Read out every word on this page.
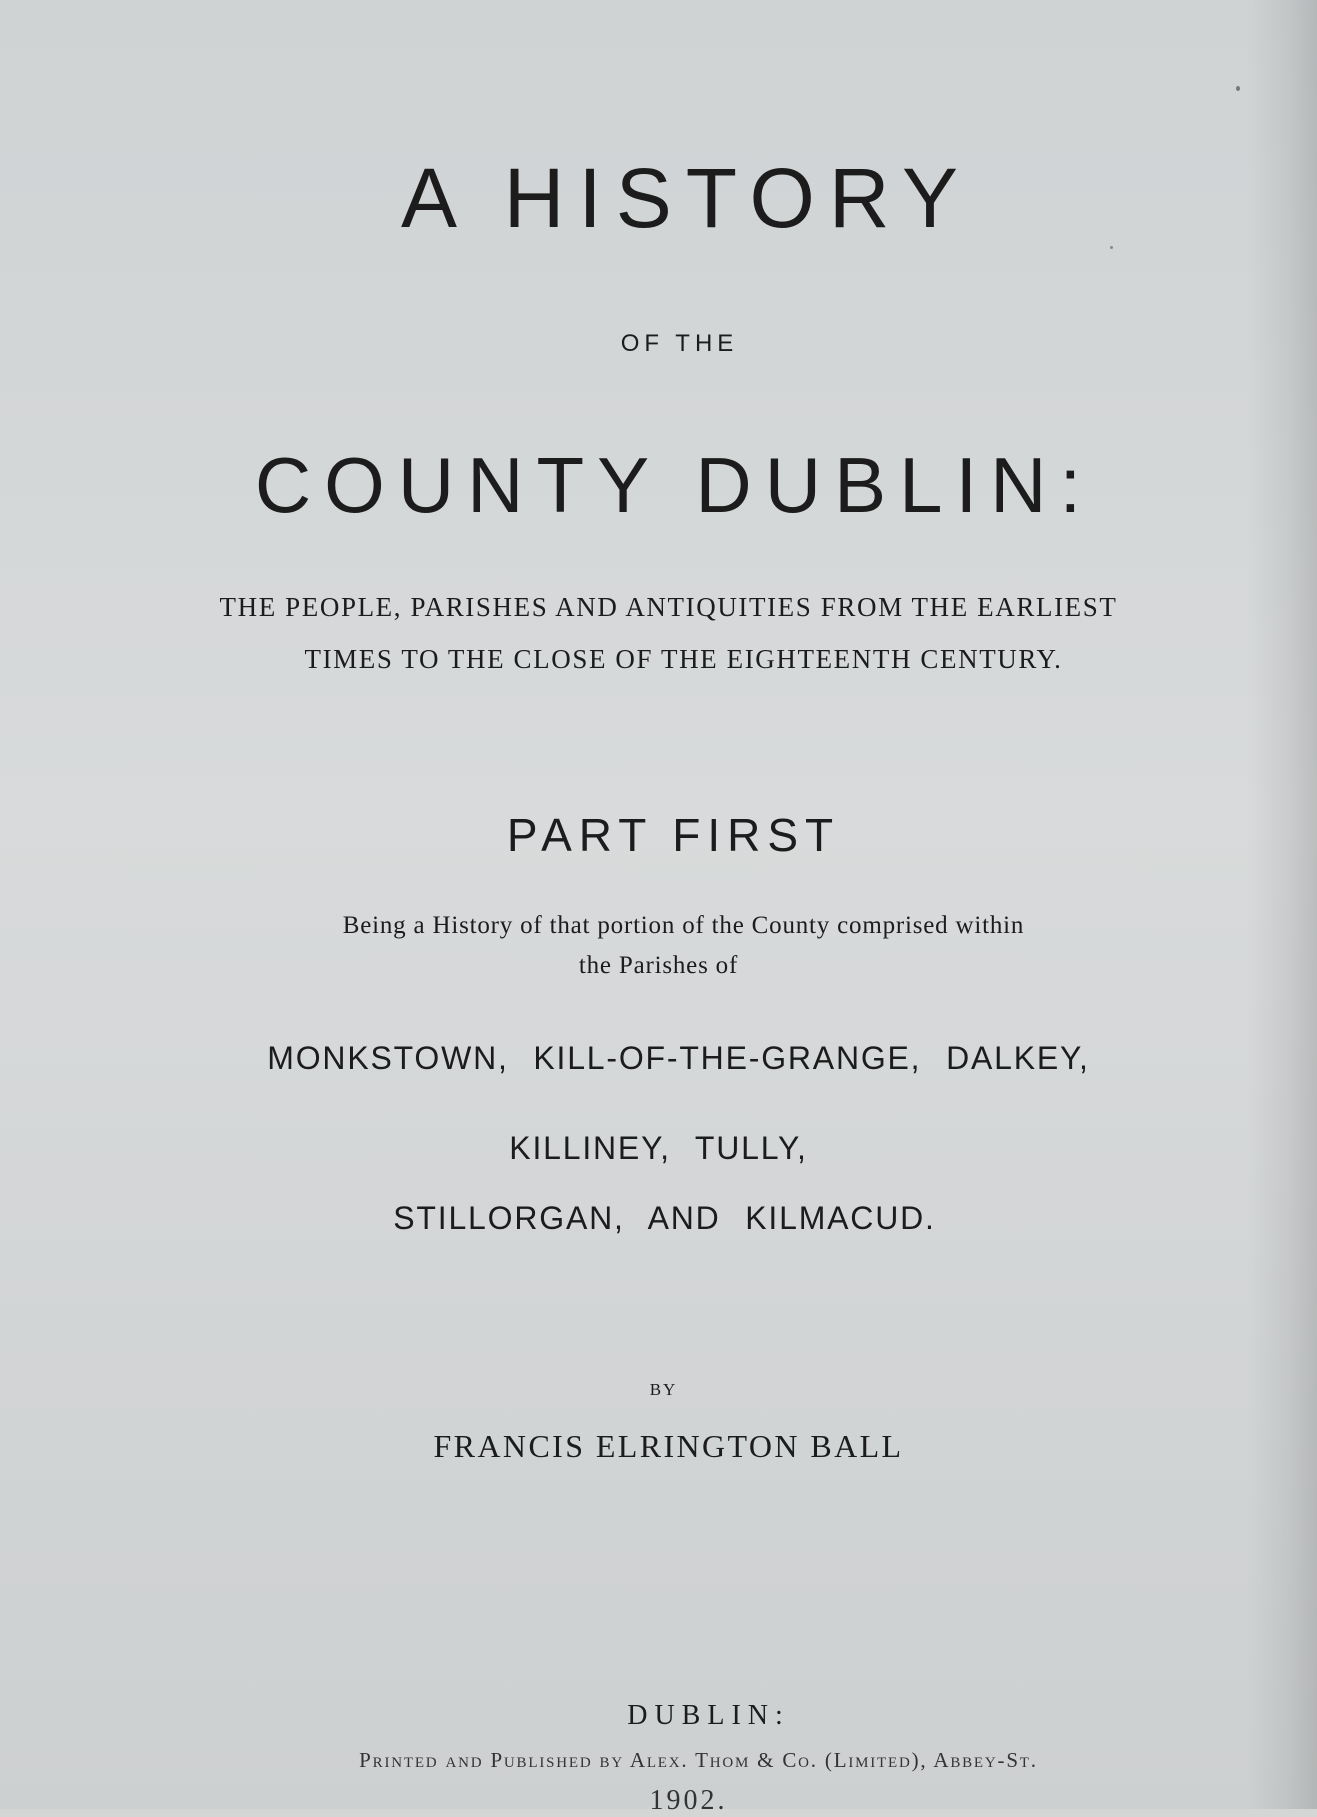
A HISTORY
OF THE
COUNTY DUBLIN:
THE PEOPLE, PARISHES AND ANTIQUITIES FROM THE EARLIEST
TIMES TO THE CLOSE OF THE EIGHTEENTH CENTURY.
PART FIRST
Being a History of that portion of the County comprised within
the Parishes of
MONKSTOWN, KILL-OF-THE-GRANGE, DALKEY,
KILLINEY, TULLY,
STILLORGAN, AND KILMACUD.
BY
FRANCIS ELRINGTON BALL
DUBLIN:
Printed and Published by Alex. Thom & Co. (Limited), Abbey-St.
1902.
